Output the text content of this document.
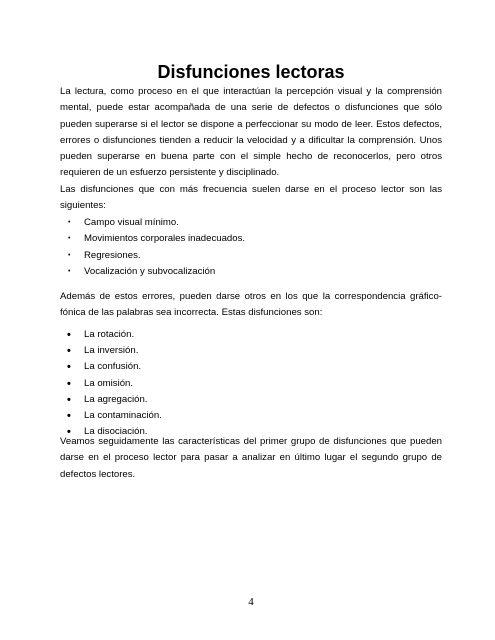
Disfunciones lectoras

La lectura, como proceso en el que interactúan la percepción visual y la comprensión mental, puede estar acompañada de una serie de defectos o disfunciones que sólo pueden superarse si el lector se dispone a perfeccionar su modo de leer. Estos defectos, errores o disfunciones tienden a reducir la velocidad y a dificultar la comprensión. Unos pueden superarse en buena parte con el simple hecho de reconocerlos, pero otros requieren de un esfuerzo persistente y disciplinado.

Las disfunciones que con más frecuencia suelen darse en el proceso lector son las siguientes:

• Campo visual mínimo.
• Movimientos corporales inadecuados.
• Regresiones.
• Vocalización y subvocalización

Además de estos errores, pueden darse otros en los que la correspondencia gráfico-fónica de las palabras sea incorrecta. Estas disfunciones son:

• La rotación.
• La inversión.
• La confusión.
• La omisión.
• La agregación.
• La contaminación.
• La disociación.

Veamos seguidamente las características del primer grupo de disfunciones que pueden darse en el proceso lector para pasar a analizar en último lugar el segundo grupo de defectos lectores.

4
